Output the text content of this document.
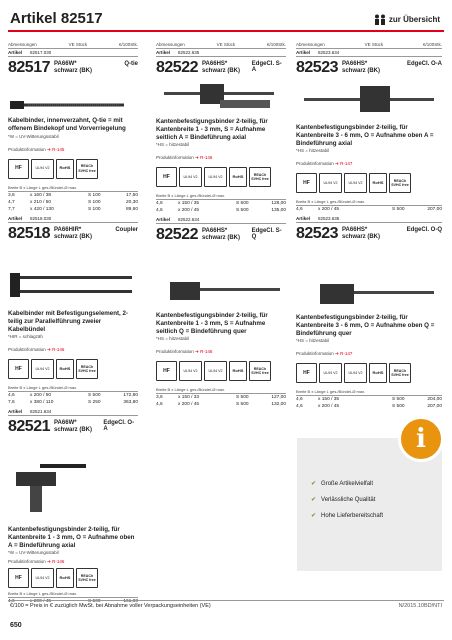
Artikel 82517	zur Übersicht
Abmessungen	VE Stück	€/100Stk.
Artikel 82517.030
82517 PA66W* schwarz (BK)
Q-tie
Kabelbinder, innenverzahnt, Q-tie = mit offenem Bindekopf und Vorverriegelung
*W = UV-Witterungsstabil
Produktinformation ➔ R-145
HF	UL94 V2	RoHS	REACh SVHC free
Breite B x Länge L ges./Bündel-Ø max.
3,6	x 160 / 38	S 100	17,50
4,7	x 210 / 50	S 100	20,30
7,7	x 420 / 130	S 100	89,60
Artikel 82518.030
82518 PA66HIR* schwarz (BK)
Coupler
Kabelbinder mit Befestigungselement, 2-teilig zur Parallelführung zweier Kabelbündel
*HIR = schlagzäh
Produktinformation ➔ R-146
HF	UL94 V2	RoHS	REACh SVHC free
Breite B x Länge L ges./Bündel-Ø max.
4,6	x 200 / 50	S 500	172,80
7,6	x 380 / 110	S 250	363,80
Artikel 82521.634
82521 PA66W* schwarz (BK)
EdgeCl. O-A
Kantenbefestigungsbinder 2-teilig, für Kantenbreite 1 - 3 mm, O = Aufnahme oben A = Bindeführung axial
*W = UV-Witterungsstabil
Produktinformation ➔ R-146
HF	UL94 V2	RoHS	REACh SVHC free
Breite B x Länge L ges./Bündel-Ø max.
4,6	x 200 / 45	S 500	161,00
Abmessungen	VE Stück	€/100Stk.
Artikel 82522.635
82522 PA66HS* schwarz (BK)
EdgeCl. S-A
Kantenbefestigungsbinder 2-teilig, für Kantenbreite 1 - 3 mm, S = Aufnahme seitlich A = Bindeführung axial
*HS = hitzestabil
Produktinformation ➔ R-146
HF	UL94 V2	UL94 V2	RoHS	REACh SVHC free
Breite B x Länge L ges./Bündel-Ø max.
4,6	x 150 / 35	S 500	128,00
4,6	x 200 / 45	S 500	135,00
Artikel 82522.634
82522 PA66HS* schwarz (BK)
EdgeCl. S-Q
Kantenbefestigungsbinder 2-teilig, für Kantenbreite 1 - 3 mm, S = Aufnahme seitlich Q = Bindeführung quer
*HS = hitzestabil
Produktinformation ➔ R-146
HF	UL94 V2	UL94 V2	RoHS	REACh SVHC free
Breite B x Länge L ges./Bündel-Ø max.
3,6	x 150 / 33	S 500	127,00
4,6	x 200 / 45	S 500	132,00
Abmessungen	VE Stück	€/100Stk.
Artikel 82523.634
82523 PA66HS* schwarz (BK)
EdgeCl. O-A
Kantenbefestigungsbinder 2-teilig, für Kantenbreite 3 - 6 mm, O = Aufnahme oben A = Bindeführung axial
*HS = hitzestabil
Produktinformation ➔ R-147
HF	UL94 V2	UL94 V2	RoHS	REACh SVHC free
Breite B x Länge L ges./Bündel-Ø max.
4,6	x 200 / 45	S 500	207,00
Artikel 82523.635
82523 PA66HS* schwarz (BK)
EdgeCl. O-Q
Kantenbefestigungsbinder 2-teilig, für Kantenbreite 3 - 6 mm, O = Aufnahme oben Q = Bindeführung quer
*HS = hitzestabil
Produktinformation ➔ R-147
HF	UL94 V2	UL94 V2	RoHS	REACh SVHC free
Breite B x Länge L ges./Bündel-Ø max.
4,6	x 150 / 35	S 500	204,00
4,6	x 200 / 45	S 500	207,00
✔ Große Artikelvielfalt
✔ Verlässliche Qualität
✔ Hohe Lieferbereitschaft
i
€/100 = Preis in € zuzüglich MwSt. bei Abnahme voller Verpackungseinheiten (VE)	N/2015.10BD/NTI
650
